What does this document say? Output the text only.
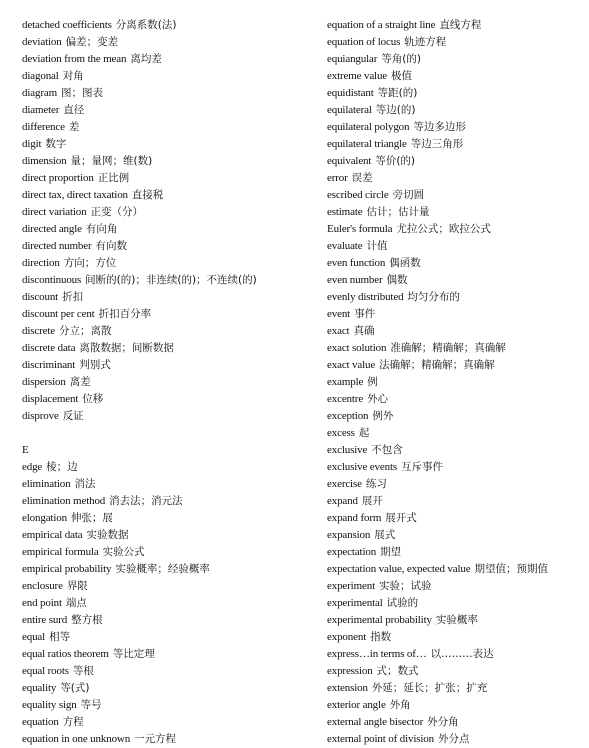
detached coefficients 分离系数(法)
deviation 偏差；变差
deviation from the mean 离均差
diagonal 对角
diagram 图；图表
diameter 直径
difference 差
digit 数字
dimension 量；量网；维(数)
direct proportion 正比例
direct tax, direct taxation 直接税
direct variation 正变（分）
directed angle 有向角
directed number 有向数
direction 方向；方位
discontinuous 间断的(的)；非连续(的)；不连续(的)
discount 折扣
discount per cent 折扣百分率
discrete 分立；离散
discrete data 离散数据；间断数据
discriminant 判别式
dispersion 离差
displacement 位移
disprove 反证
E
edge 棱；边
elimination 消法
elimination method 消去法；消元法
elongation 伸张；展
empirical data 实验数据
empirical formula 实验公式
empirical probability 实验概率；经验概率
enclosure 界限
end point 端点
entire surd 整方根
equal 相等
equal ratios theorem 等比定理
equal roots 等根
equality 等(式)
equality sign 等号
equation 方程
equation in one unknown 一元方程
equation of a straight line 直线方程
equation of locus 轨迹方程
equiangular 等角(的)
extreme value 极值
equidistant 等距(的)
equilateral 等边(的)
equilateral polygon 等边多边形
equilateral triangle 等边三角形
equivalent 等价(的)
error 误差
escribed circle 旁切圆
estimate 估计；估计量
Euler's formula 尤拉公式；欧拉公式
evaluate 计值
even function 偶函数
even number 偶数
evenly distributed 均匀分布的
event 事件
exact 真确
exact solution 准确解；精确解；真确解
exact value 法确解；精确解；真确解
example 例
excentre 外心
exception 例外
excess 起
exclusive 不包含
exclusive events 互斥事件
exercise 练习
expand 展开
expand form 展开式
expansion 展式
expectation 期望
expectation value, expected value 期望值；预期值
experiment 实验；试验
experimental 试验的
experimental probability 实验概率
exponent 指数
express…in terms of… 以………表达
expression 式；数式
extension 外延；延长；扩张；扩充
exterior angle 外角
external angle bisector 外分角
external point of division 外分点
